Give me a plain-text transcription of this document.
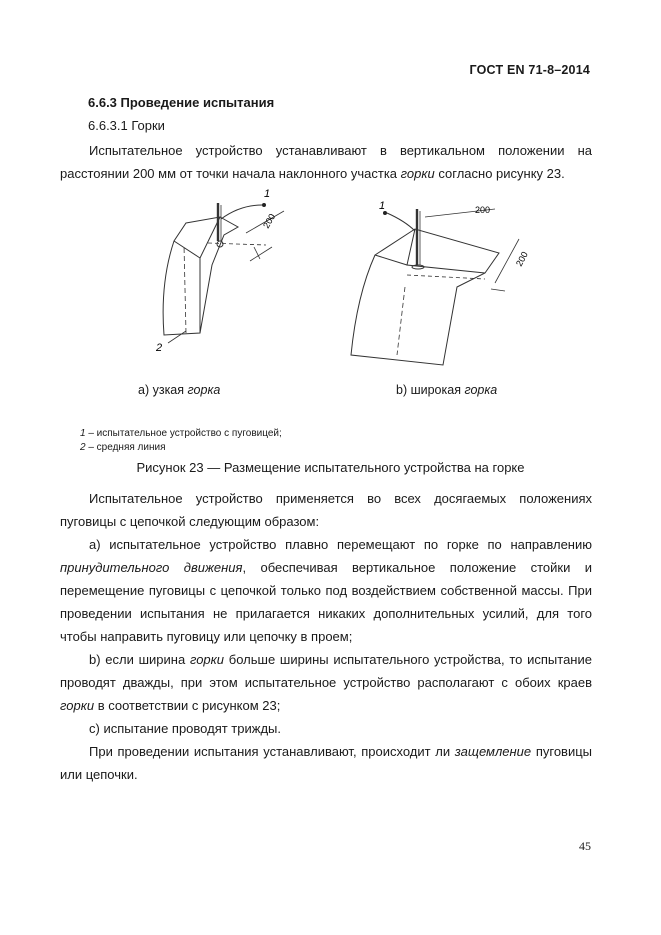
ГОСТ EN 71-8–2014
6.6.3 Проведение испытания
6.6.3.1 Горки

Испытательное устройство устанавливают в вертикальном положении на расстоянии 200 мм от точки начала наклонного участка горки согласно рисунку 23.

1
2
200
1	200
200
а) узкая горка	b) широкая горка
1 – испытательное устройство с пуговицей;
2 – средняя линия
Рисунок 23 — Размещение испытательного устройства на горке

Испытательное устройство применяется во всех досягаемых положениях пуговицы с цепочкой следующим образом:

а) испытательное устройство плавно перемещают по горке по направлению принудительного движения, обеспечивая вертикальное положение стойки и перемещение пуговицы с цепочкой только под воздействием собственной массы. При проведении испытания не прилагается никаких дополнительных усилий, для того чтобы направить пуговицу или цепочку в проем;

b) если ширина горки больше ширины испытательного устройства, то испытание проводят дважды, при этом испытательное устройство располагают с обоих краев горки в соответствии с рисунком 23;

с) испытание проводят трижды.

При проведении испытания устанавливают, происходит ли защемление пуговицы или цепочки.

45
